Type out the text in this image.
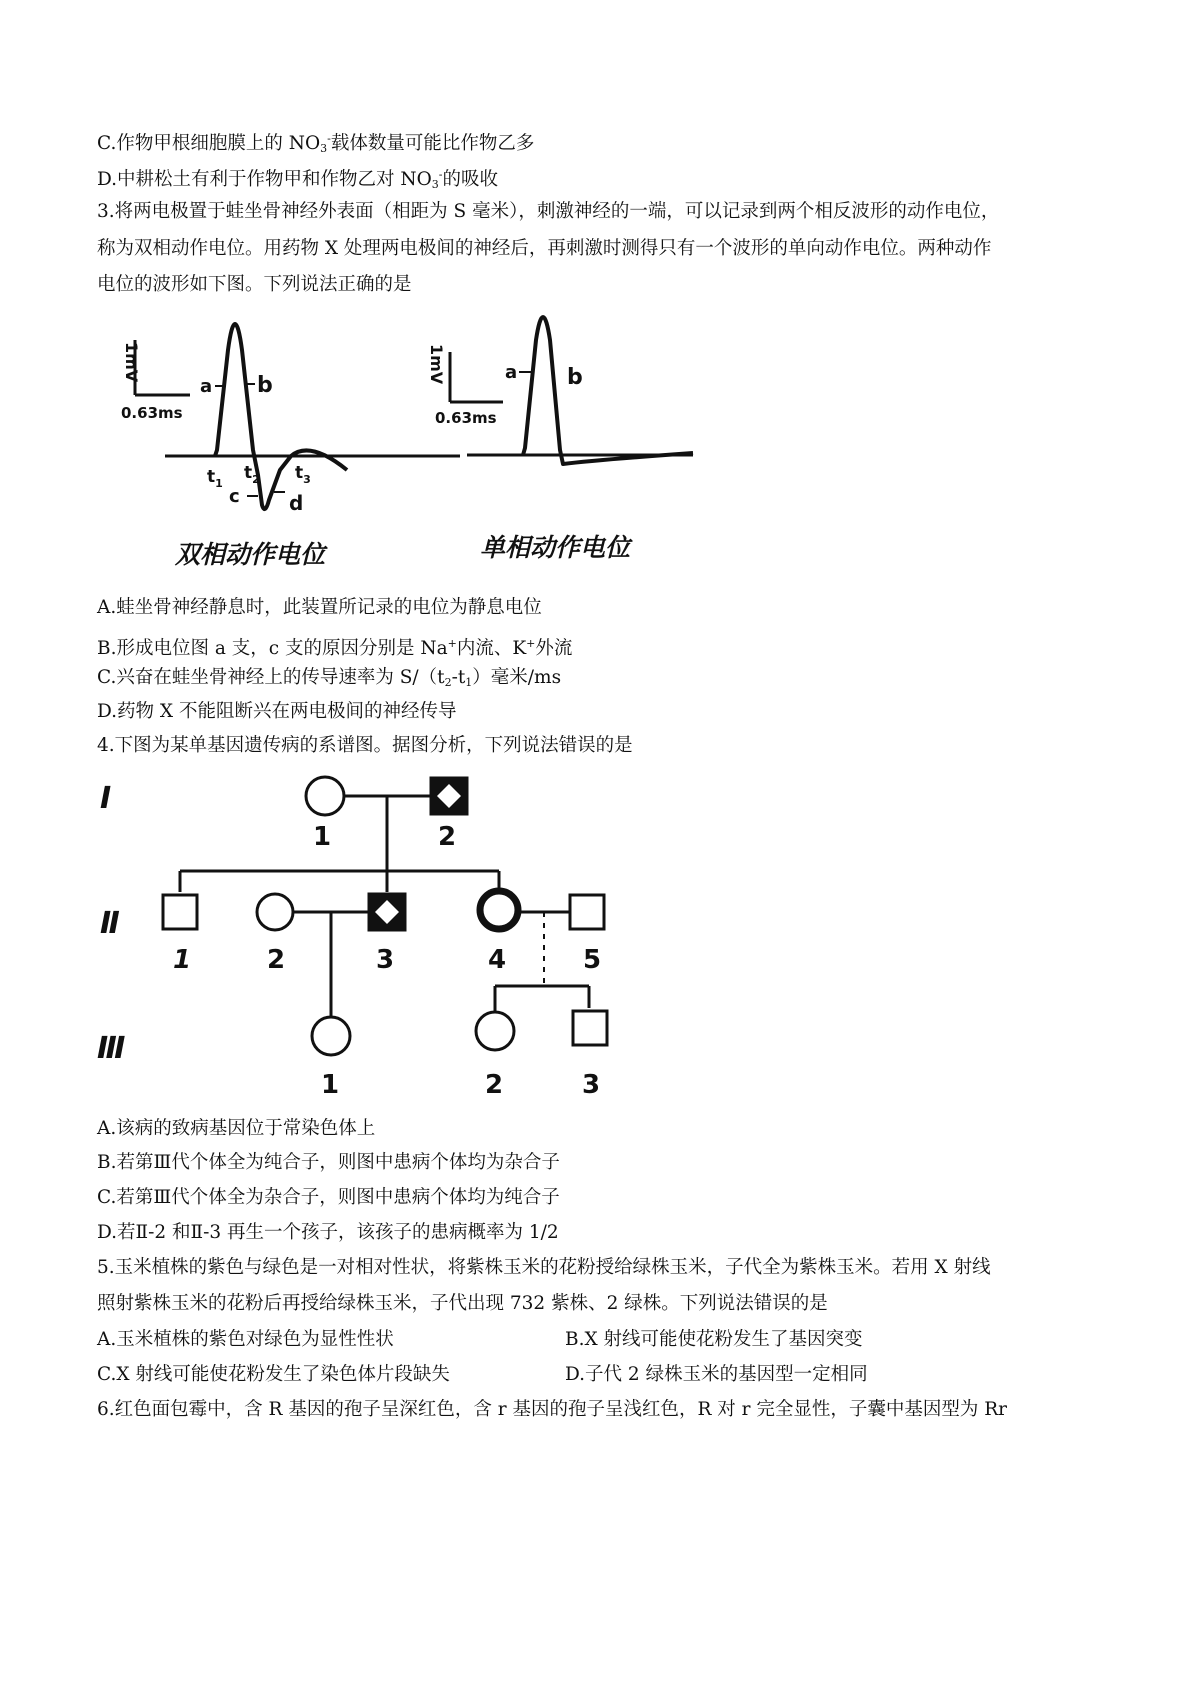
C.作物甲根细胞膜上的 $NO_3^-$载体数量可能比作物乙多
D.中耕松土有利于作物甲和作物乙对 $NO_3^-$的吸收
3.将两电极置于蛙坐骨神经外表面（相距为 S 毫米），刺激神经的一端，可以记录到两个相反波形的动作电位，
称为双相动作电位。用药物 X 处理两电极间的神经后，再刺激时测得只有一个波形的单向动作电位。两种动作
电位的波形如下图。下列说法正确的是
1mV
0.63ms
a b
$t_1$
$t_2$ $t_3$
c d
双相动作电位
1mV
0.63ms
a b
单相动作电位
A.蛙坐骨神经静息时，此装置所记录的电位为静息电位
B.形成电位图 a 支，c 支的原因分别是 Na+内流、K+外流
C.兴奋在蛙坐骨神经上的传导速率为 $S/(t_2-t_1)$毫米/ms
D.药物 X 不能阻断兴在两电极间的神经传导
4.下图为某单基因遗传病的系谱图。据图分析，下列说法错误的是
Ⅰ
Ⅱ
Ⅲ
1	2
1	2	3	4	5
1	2	3
A.该病的致病基因位于常染色体上
B.若第Ⅲ代个体全为纯合子，则图中患病个体均为杂合子
C.若第Ⅲ代个体全为杂合子，则图中患病个体均为纯合子
D.若Ⅱ-2 和Ⅱ-3 再生一个孩子，该孩子的患病概率为 1/2
5.玉米植株的紫色与绿色是一对相对性状，将紫株玉米的花粉授给绿株玉米，子代全为紫株玉米。若用 X 射线
照射紫株玉米的花粉后再授给绿株玉米，子代出现 732 紫株、2 绿株。下列说法错误的是
A.玉米植株的紫色对绿色为显性性状	B.X 射线可能使花粉发生了基因突变
C.X 射线可能使花粉发生了染色体片段缺失	D.子代 2 绿株玉米的基因型一定相同
6.红色面包霉中，含 R 基因的孢子呈深红色，含 r 基因的孢子呈浅红色，R 对 r 完全显性，子囊中基因型为 Rr
